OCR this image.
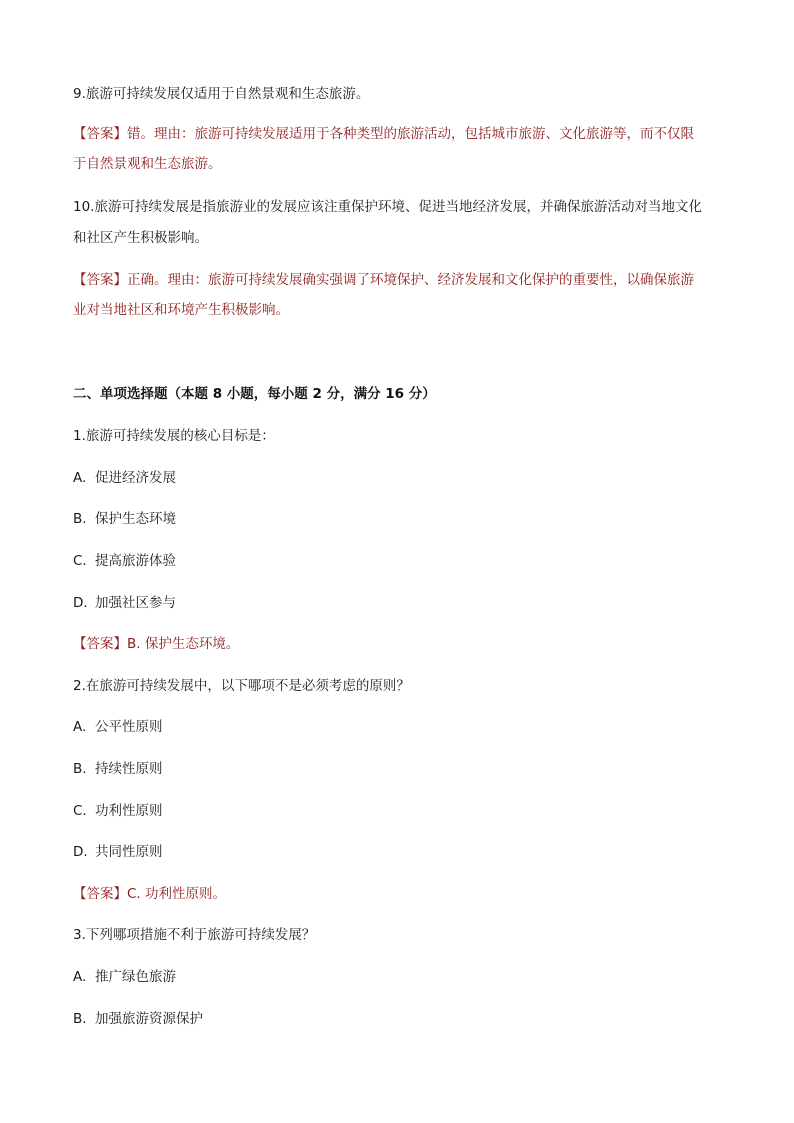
9.旅游可持续发展仅适用于自然景观和生态旅游。
【答案】错。理由：旅游可持续发展适用于各种类型的旅游活动，包括城市旅游、文化旅游等，而不仅限
于自然景观和生态旅游。
10.旅游可持续发展是指旅游业的发展应该注重保护环境、促进当地经济发展，并确保旅游活动对当地文化
和社区产生积极影响。
【答案】正确。理由：旅游可持续发展确实强调了环境保护、经济发展和文化保护的重要性，以确保旅游
业对当地社区和环境产生积极影响。
二、单项选择题（本题 8 小题，每小题 2 分，满分 16 分）
1.旅游可持续发展的核心目标是：
A. 促进经济发展
B. 保护生态环境
C. 提高旅游体验
D. 加强社区参与
【答案】B. 保护生态环境。
2.在旅游可持续发展中，以下哪项不是必须考虑的原则？
A. 公平性原则
B. 持续性原则
C. 功利性原则
D. 共同性原则
【答案】C. 功利性原则。
3.下列哪项措施不利于旅游可持续发展？
A. 推广绿色旅游
B. 加强旅游资源保护
